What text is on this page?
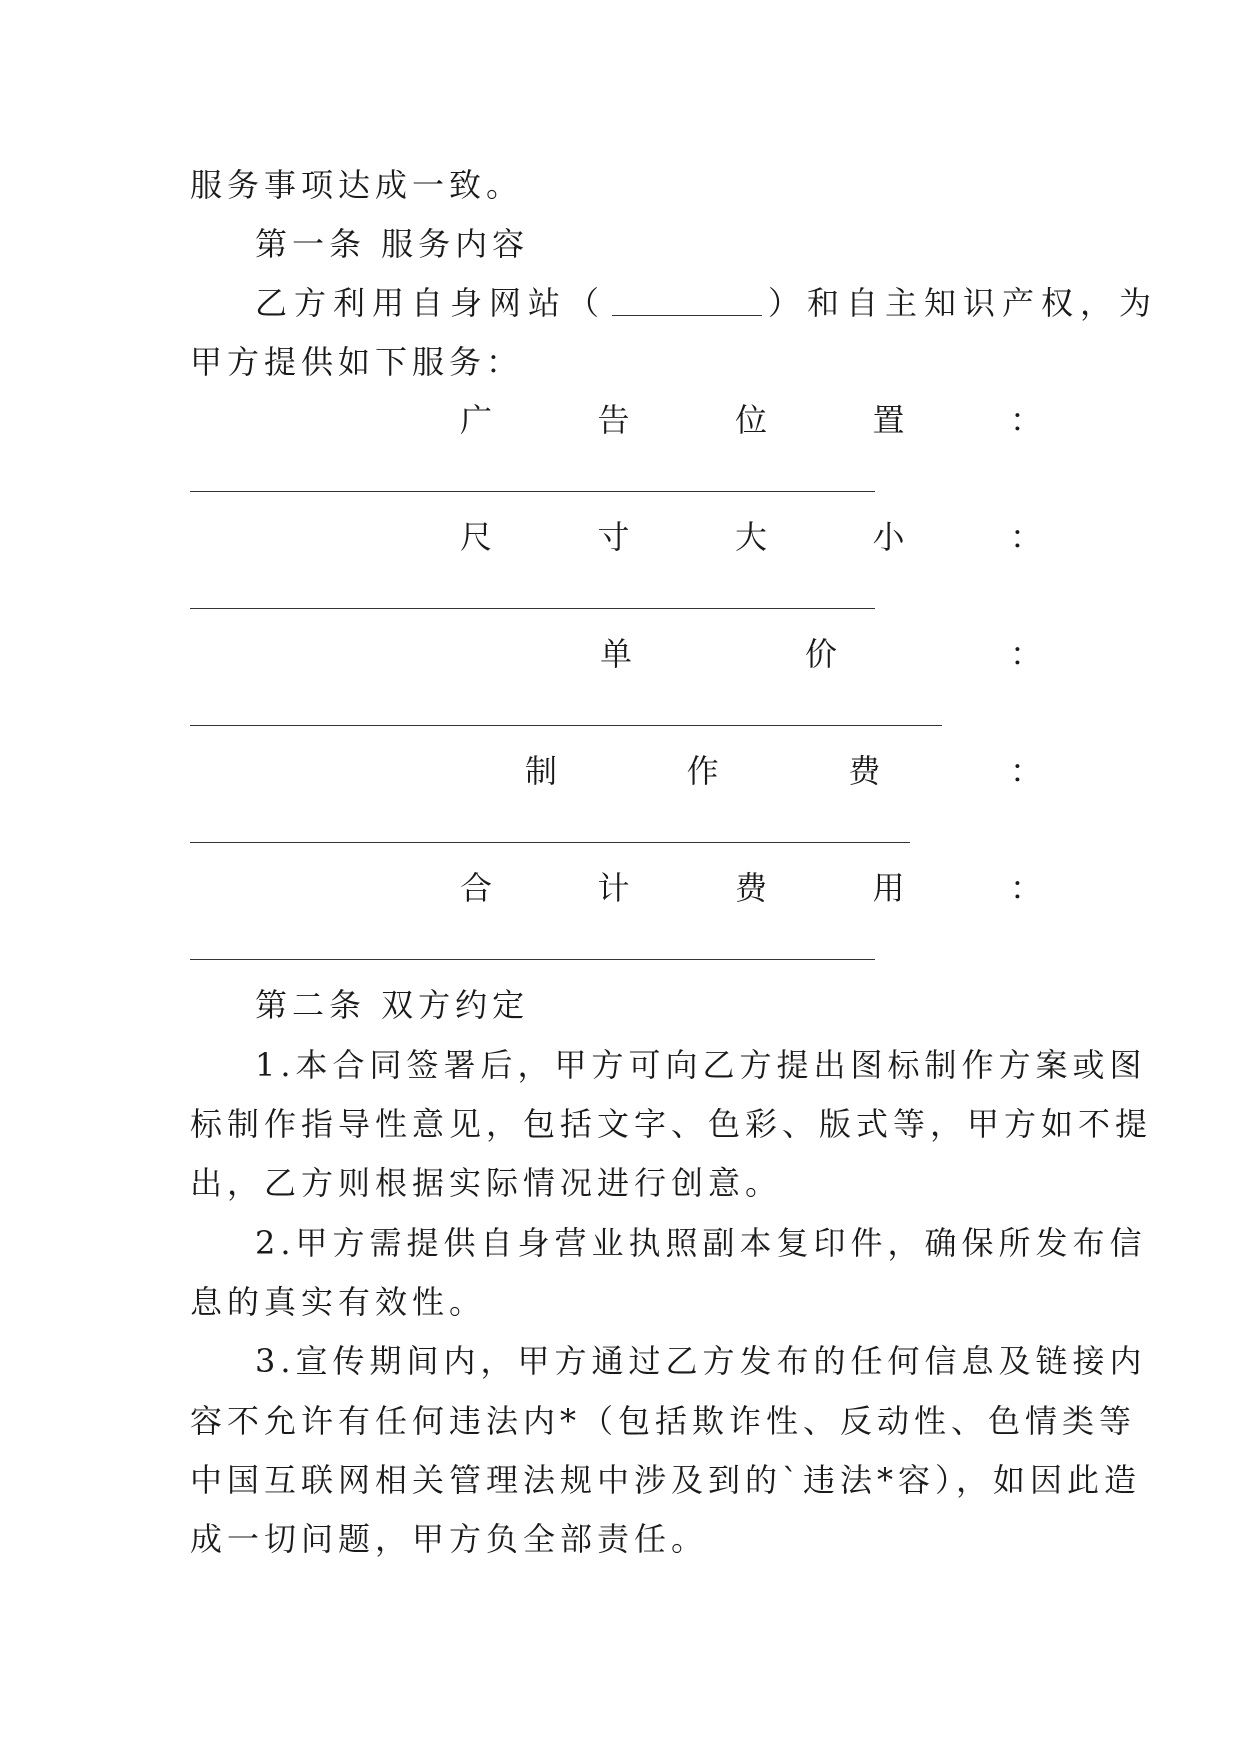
服务事项达成一致。

第一条 服务内容

乙方利用自身网站（	）和自主知识产权，为

甲方提供如下服务：

广	告	位	置	：
尺	寸	大	小	：
单	价	：
制	作	费	：
合	计	费	用	：

第二条 双方约定

1.本合同签署后，甲方可向乙方提出图标制作方案或图

标制作指导性意见，包括文字、色彩、版式等，甲方如不提

出，乙方则根据实际情况进行创意。

2.甲方需提供自身营业执照副本复印件，确保所发布信

息的真实有效性。

3.宣传期间内，甲方通过乙方发布的任何信息及链接内

容不允许有任何违法内*（包括欺诈性、反动性、色情类等

中国互联网相关管理法规中涉及到的`违法*容），如因此造

成一切问题，甲方负全部责任。
